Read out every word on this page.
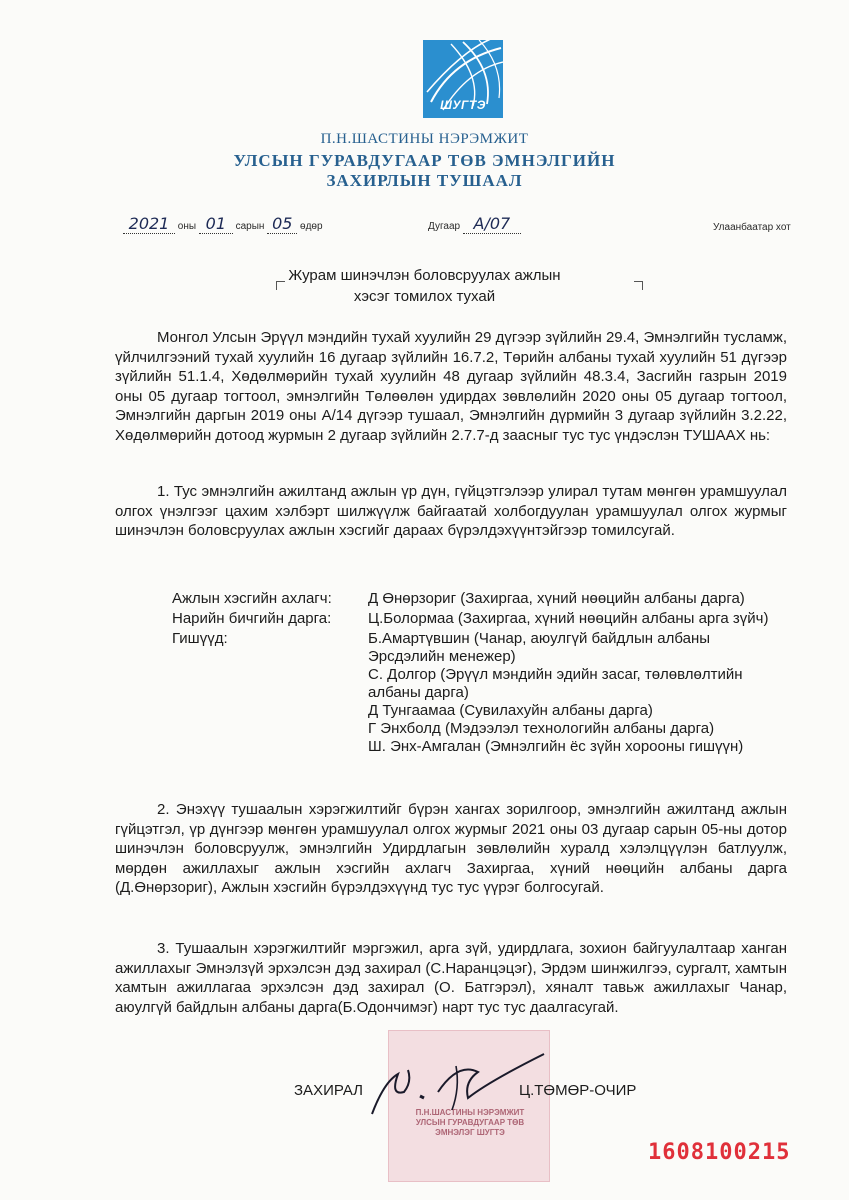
ШУГТЭ
П.Н.ШАСТИНЫ НЭРЭМЖИТ
УЛСЫН ГУРАВДУГААР ТӨВ ЭМНЭЛГИЙН
ЗАХИРЛЫН ТУШААЛ
2021 оны 01 сарын 05 өдөр	Дугаар A/07	Улаанбаатар хот
Журам шинэчлэн боловсруулах ажлын
хэсэг томилох тухай

Монгол Улсын Эрүүл мэндийн тухай хуулийн 29 дүгээр зүйлийн 29.4, Эмнэлгийн тусламж, үйлчилгээний тухай хуулийн 16 дугаар зүйлийн 16.7.2, Төрийн албаны тухай хуулийн 51 дүгээр зүйлийн 51.1.4, Хөдөлмөрийн тухай хуулийн 48 дугаар зүйлийн 48.3.4, Засгийн газрын 2019 оны 05 дугаар тогтоол, эмнэлгийн Төлөөлөн удирдах зөвлөлийн 2020 оны 05 дугаар тогтоол, Эмнэлгийн даргын 2019 оны А/14 дүгээр тушаал, Эмнэлгийн дүрмийн 3 дугаар зүйлийн 3.2.22, Хөдөлмөрийн дотоод журмын 2 дугаар зүйлийн 2.7.7-д заасныг тус тус үндэслэн ТУШААХ нь:

1. Тус эмнэлгийн ажилтанд ажлын үр дүн, гүйцэтгэлээр улирал тутам мөнгөн урамшуулал олгох үнэлгээг цахим хэлбэрт шилжүүлж байгаатай холбогдуулан урамшуулал олгох журмыг шинэчлэн боловсруулах ажлын хэсгийг дараах бүрэлдэхүүнтэйгээр томилсугай.

Ажлын хэсгийн ахлагч:	Д Өнөрзориг (Захиргаа, хүний нөөцийн албаны дарга)
Нарийн бичгийн дарга:	Ц.Болормаа (Захиргаа, хүний нөөцийн албаны арга зүйч)
Гишүүд:	Б.Амартүвшин (Чанар, аюулгүй байдлын албаны Эрсдэлийн менежер)
С. Долгор (Эрүүл мэндийн эдийн засаг, төлөвлөлтийн албаны дарга)
Д Тунгаамаа (Сувилахуйн албаны дарга)
Г Энхболд (Мэдээлэл технологийн албаны дарга)
Ш. Энх-Амгалан (Эмнэлгийн ёс зүйн хорооны гишүүн)

2. Энэхүү тушаалын хэрэгжилтийг бүрэн хангах зорилгоор, эмнэлгийн ажилтанд ажлын гүйцэтгэл, үр дүнгээр мөнгөн урамшуулал олгох журмыг 2021 оны 03 дугаар сарын 05-ны дотор шинэчлэн боловсруулж, эмнэлгийн Удирдлагын зөвлөлийн хуралд хэлэлцүүлэн батлуулж, мөрдөн ажиллахыг ажлын хэсгийн ахлагч Захиргаа, хүний нөөцийн албаны дарга (Д.Өнөрзориг), Ажлын хэсгийн бүрэлдэхүүнд тус тус үүрэг болгосугай.

3. Тушаалын хэрэгжилтийг мэргэжил, арга зүй, удирдлага, зохион байгуулалтаар ханган ажиллахыг Эмнэлзүй эрхэлсэн дэд захирал (С.Наранцэцэг), Эрдэм шинжилгээ, сургалт, хамтын хамтын ажиллагаа эрхэлсэн дэд захирал (О. Батгэрэл), хяналт тавьж ажиллахыг Чанар, аюулгүй байдлын албаны дарга(Б.Одончимэг) нарт тус тус даалгасугай.

П.Н.ШАСТИНЫ НЭРЭМЖИТ УЛСЫН ГУРАВДУГААР ТӨВ ЭМНЭЛЭГ ШУГТЭ
ЗАХИРАЛ	Ц.ТӨМӨР-ОЧИР
1608100215
